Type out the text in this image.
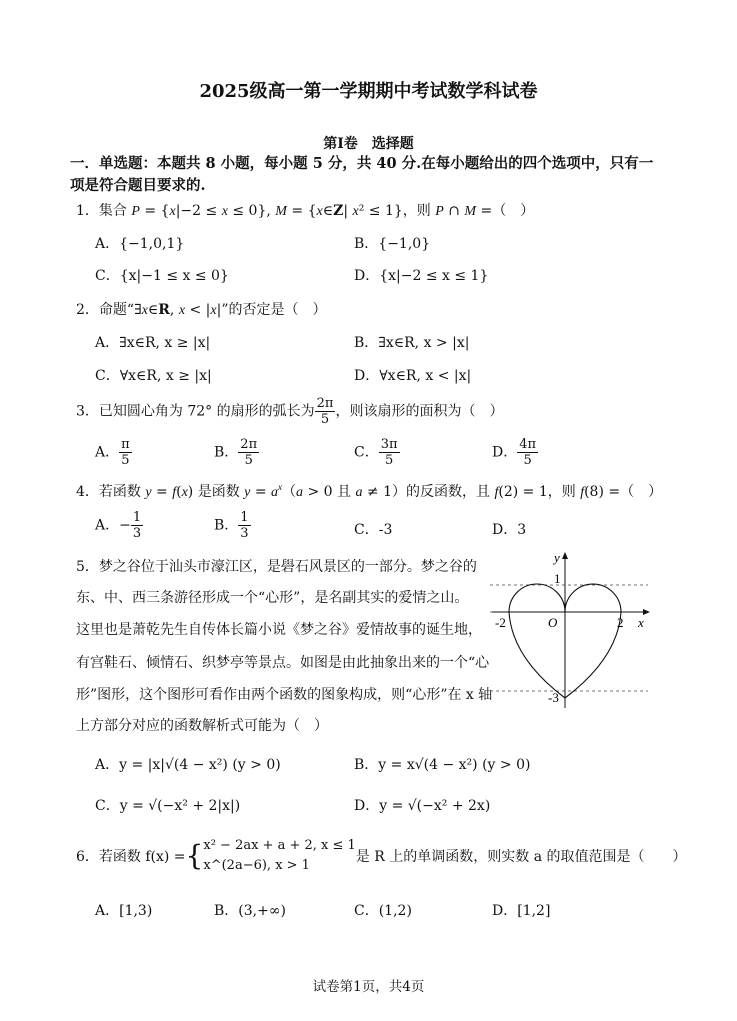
2025级高一第一学期期中考试数学科试卷
第Ⅰ卷　选择题
一．单选题：本题共 8 小题，每小题 5 分，共 40 分.在每小题给出的四个选项中，只有一
项是符合题目要求的.
1．集合 P = {x|−2 ≤ x ≤ 0}, M = {x∈Z| x² ≤ 1}，则 P ∩ M =（　）
A．{−1,0,1}	B．{−1,0}
C．{x|−1 ≤ x ≤ 0}	D．{x|−2 ≤ x ≤ 1}
2．命题“∃x∈R, x < |x|”的否定是（　）
A．∃x∈R, x ≥ |x|	B．∃x∈R, x > |x|
C．∀x∈R, x ≥ |x|	D．∀x∈R, x < |x|
3．已知圆心角为 72° 的扇形的弧长为 $\frac{2\pi}{5}$ ，则该扇形的面积为（　）
A． $\frac{\pi}{5}$	B． $\frac{2\pi}{5}$	C． $\frac{3\pi}{5}$	D． $\frac{4\pi}{5}$
4．若函数 y = f(x) 是函数 $y = a^x(a > 0$ 且 a ≠ 1）的反函数，且 f(2) = 1，则 f(8) =（　）
A．− $\frac{1}{3}$	B． $\frac{1}{3}$	C．-3	D．3
5．梦之谷位于汕头市濠江区，是礐石风景区的一部分。梦之谷的
东、中、西三条游径形成一个“心形”，是名副其实的爱情之山。
这里也是萧乾先生自传体长篇小说《梦之谷》爱情故事的诞生地，
有宫鞋石、倾情石、织梦亭等景点。如图是由此抽象出来的一个“心
形”图形，这个图形可看作由两个函数的图象构成，则“心形”在 x 轴
上方部分对应的函数解析式可能为（　）
y
x
O
1
-2	2
-3
A．y = |x|√(4 − x²) (y > 0)	B．y = x√(4 − x²) (y > 0)
C．y = √(−x² + 2|x|)	D．y = √(−x² + 2x)
6．若函数 f(x) ={ x² − 2ax + a + 2, x ≤ 1
x^(2a−6), x > 1
是 R 上的单调函数，则实数 a 的取值范围是（　　）
A．[1,3)	B．(3,+∞)	C．(1,2)	D．[1,2]
试卷第1页，共4页
